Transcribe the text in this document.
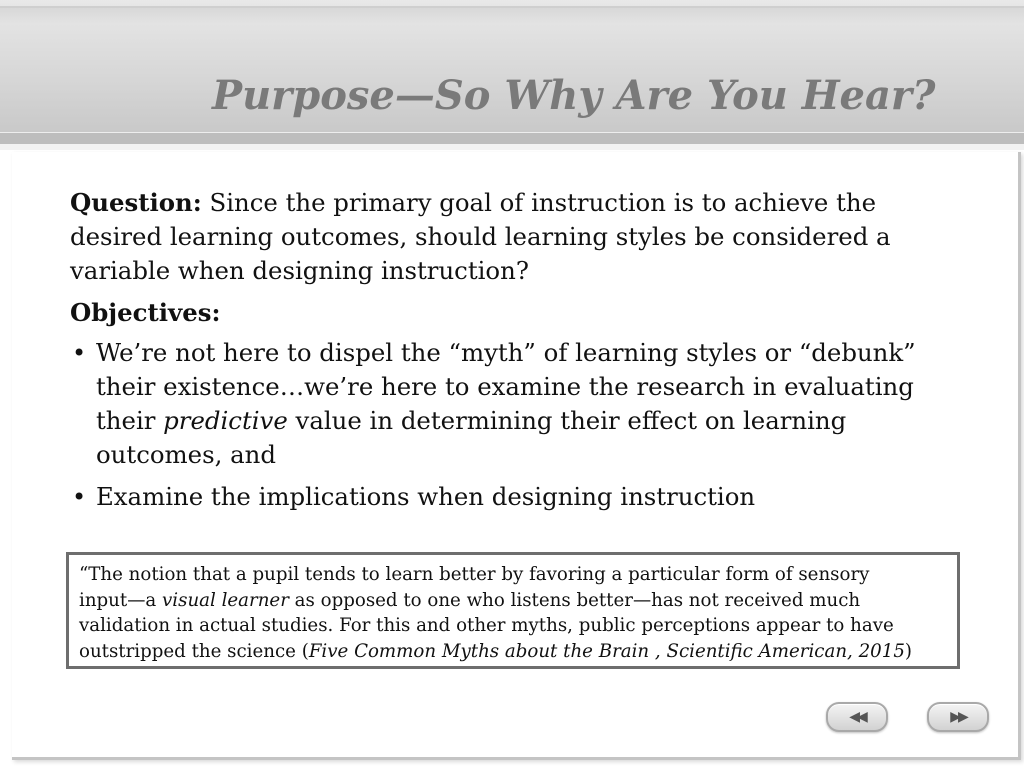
Purpose—So Why Are You Hear?

Question: Since the primary goal of instruction is to achieve the desired learning outcomes, should learning styles be considered a variable when designing instruction?

Objectives:

• We’re not here to dispel the “myth” of learning styles or “debunk” their existence…we’re here to examine the research in evaluating their predictive value in determining their effect on learning outcomes, and
• Examine the implications when designing instruction
“The notion that a pupil tends to learn better by favoring a particular form of sensory
input—a visual learner as opposed to one who listens better—has not received much
validation in actual studies. For this and other myths, public perceptions appear to have
outstripped the science (Five Common Myths about the Brain , Scientific American, 2015)
◀◀	▶▶
